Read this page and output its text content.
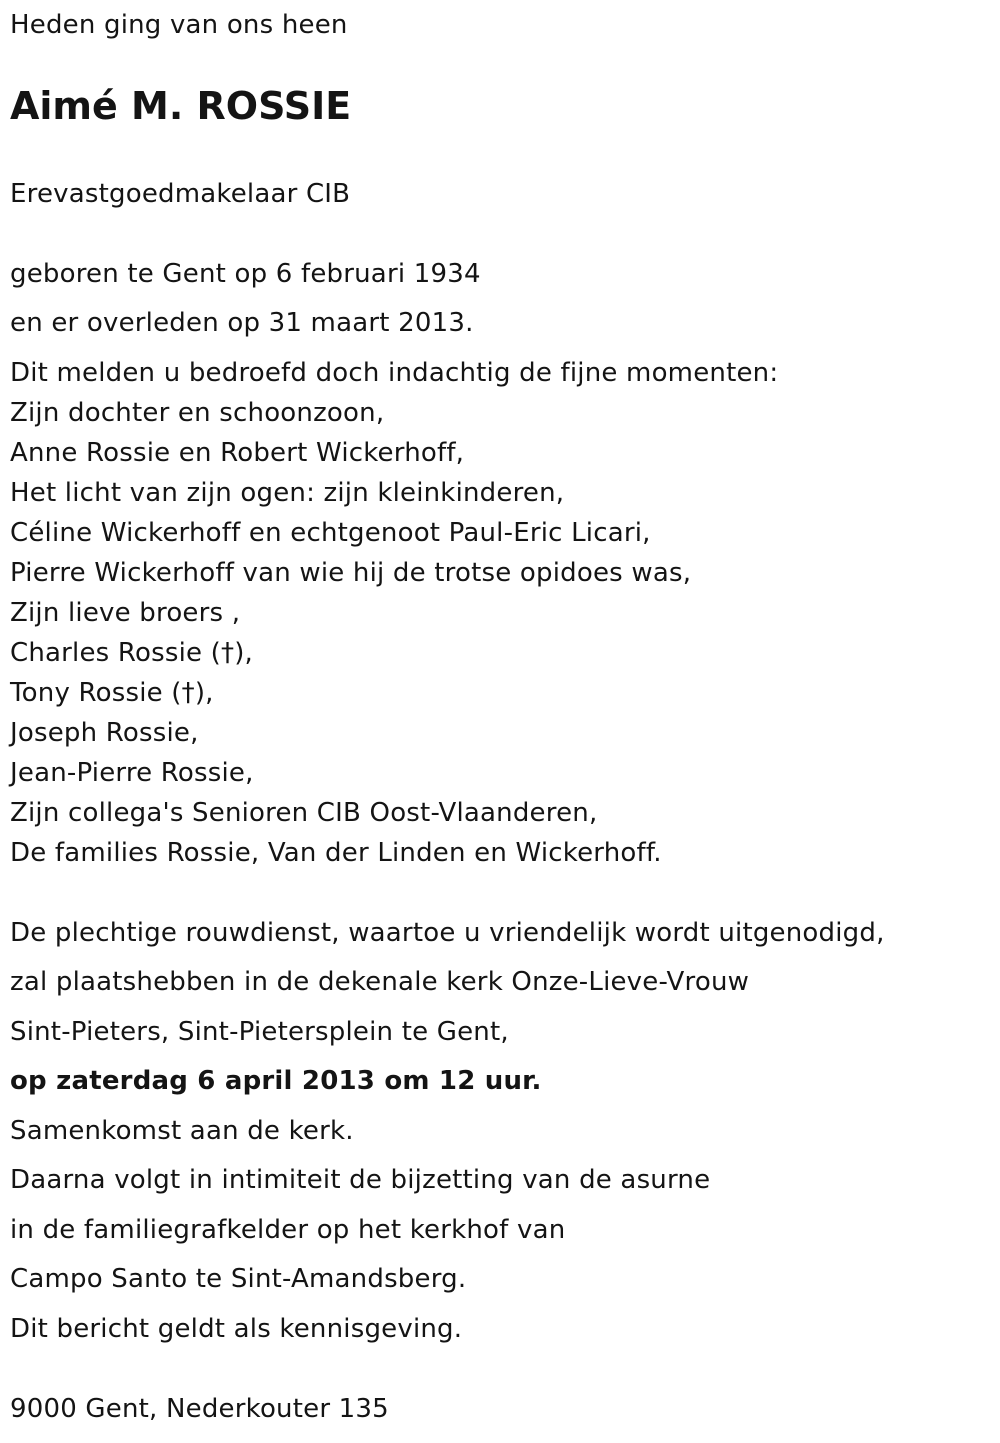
Heden ging van ons heen
Aimé M. ROSSIE
Erevastgoedmakelaar CIB
geboren te Gent op 6 februari 1934
en er overleden op 31 maart 2013.
Dit melden u bedroefd doch indachtig de fijne momenten:
Zijn dochter en schoonzoon,
Anne Rossie en Robert Wickerhoff,
Het licht van zijn ogen: zijn kleinkinderen,
Céline Wickerhoff en echtgenoot Paul-Eric Licari,
Pierre Wickerhoff van wie hij de trotse opidoes was,
Zijn lieve broers ,
Charles Rossie (†),
Tony Rossie (†),
Joseph Rossie,
Jean-Pierre Rossie,
Zijn collega's Senioren CIB Oost-Vlaanderen,
De families Rossie, Van der Linden en Wickerhoff.
De plechtige rouwdienst, waartoe u vriendelijk wordt uitgenodigd,
zal plaatshebben in de dekenale kerk Onze-Lieve-Vrouw
Sint-Pieters, Sint-Pietersplein te Gent,
op zaterdag 6 april 2013 om 12 uur.
Samenkomst aan de kerk.
Daarna volgt in intimiteit de bijzetting van de asurne
in de familiegrafkelder op het kerkhof van
Campo Santo te Sint-Amandsberg.
Dit bericht geldt als kennisgeving.
9000 Gent, Nederkouter 135
